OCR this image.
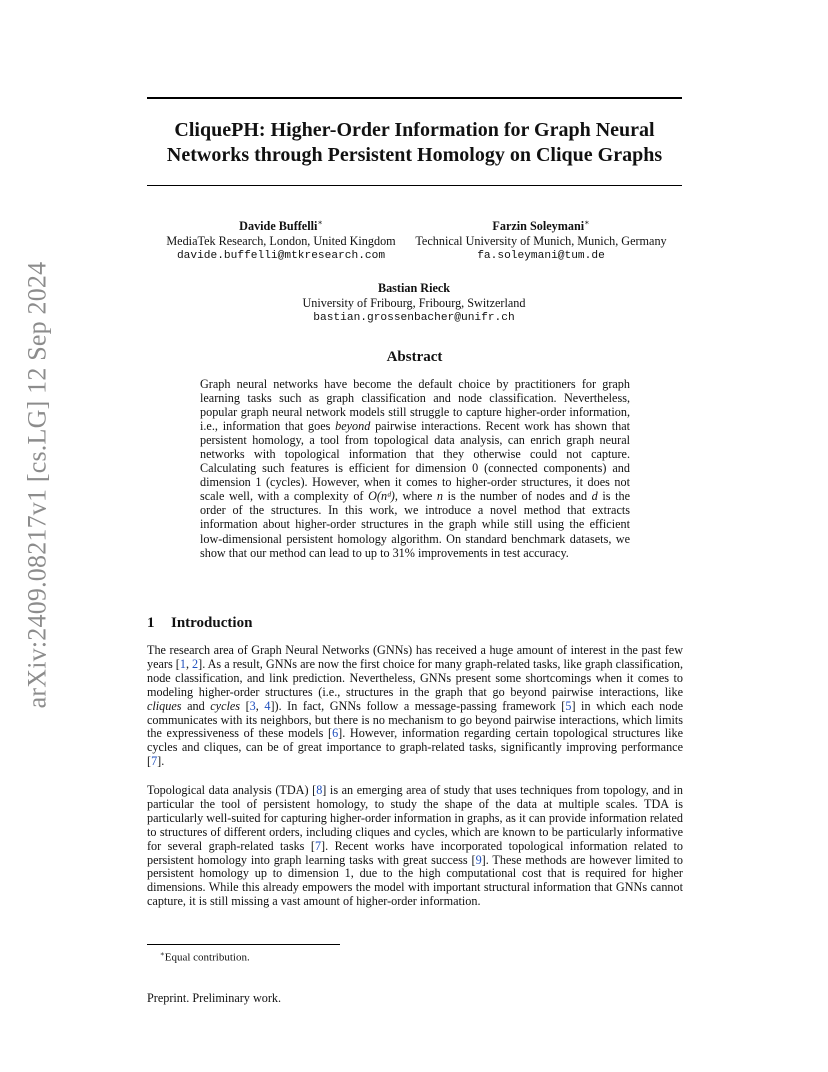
arXiv:2409.08217v1 [cs.LG] 12 Sep 2024
CliquePH: Higher-Order Information for Graph Neural
Networks through Persistent Homology on Clique Graphs
Davide Buffelli∗
MediaTek Research, London, United Kingdom
davide.buffelli@mtkresearch.com
Farzin Soleymani∗
Technical University of Munich, Munich, Germany
fa.soleymani@tum.de
Bastian Rieck
University of Fribourg, Fribourg, Switzerland
bastian.grossenbacher@unifr.ch
Abstract

Graph neural networks have become the default choice by practitioners for graph learning tasks such as graph classification and node classification. Nevertheless, popular graph neural network models still struggle to capture higher-order information, i.e., information that goes beyond pairwise interactions. Recent work has shown that persistent homology, a tool from topological data analysis, can enrich graph neural networks with topological information that they otherwise could not capture. Calculating such features is efficient for dimension 0 (connected components) and dimension 1 (cycles). However, when it comes to higher-order structures, it does not scale well, with a complexity of O(nᵈ), where n is the number of nodes and d is the order of the structures. In this work, we introduce a novel method that extracts information about higher-order structures in the graph while still using the efficient low-dimensional persistent homology algorithm. On standard benchmark datasets, we show that our method can lead to up to 31% improvements in test accuracy.

1 Introduction

The research area of Graph Neural Networks (GNNs) has received a huge amount of interest in the past few years [1, 2]. As a result, GNNs are now the first choice for many graph-related tasks, like graph classification, node classification, and link prediction. Nevertheless, GNNs present some shortcomings when it comes to modeling higher-order structures (i.e., structures in the graph that go beyond pairwise interactions, like cliques and cycles [3, 4]). In fact, GNNs follow a message-passing framework [5] in which each node communicates with its neighbors, but there is no mechanism to go beyond pairwise interactions, which limits the expressiveness of these models [6]. However, information regarding certain topological structures like cycles and cliques, can be of great importance to graph-related tasks, significantly improving performance [7].

Topological data analysis (TDA) [8] is an emerging area of study that uses techniques from topology, and in particular the tool of persistent homology, to study the shape of the data at multiple scales. TDA is particularly well-suited for capturing higher-order information in graphs, as it can provide information related to structures of different orders, including cliques and cycles, which are known to be particularly informative for several graph-related tasks [7]. Recent works have incorporated topological information related to persistent homology into graph learning tasks with great success [9]. These methods are however limited to persistent homology up to dimension 1, due to the high computational cost that is required for higher dimensions. While this already empowers the model with important structural information that GNNs cannot capture, it is still missing a vast amount of higher-order information.

∗Equal contribution.
Preprint. Preliminary work.
